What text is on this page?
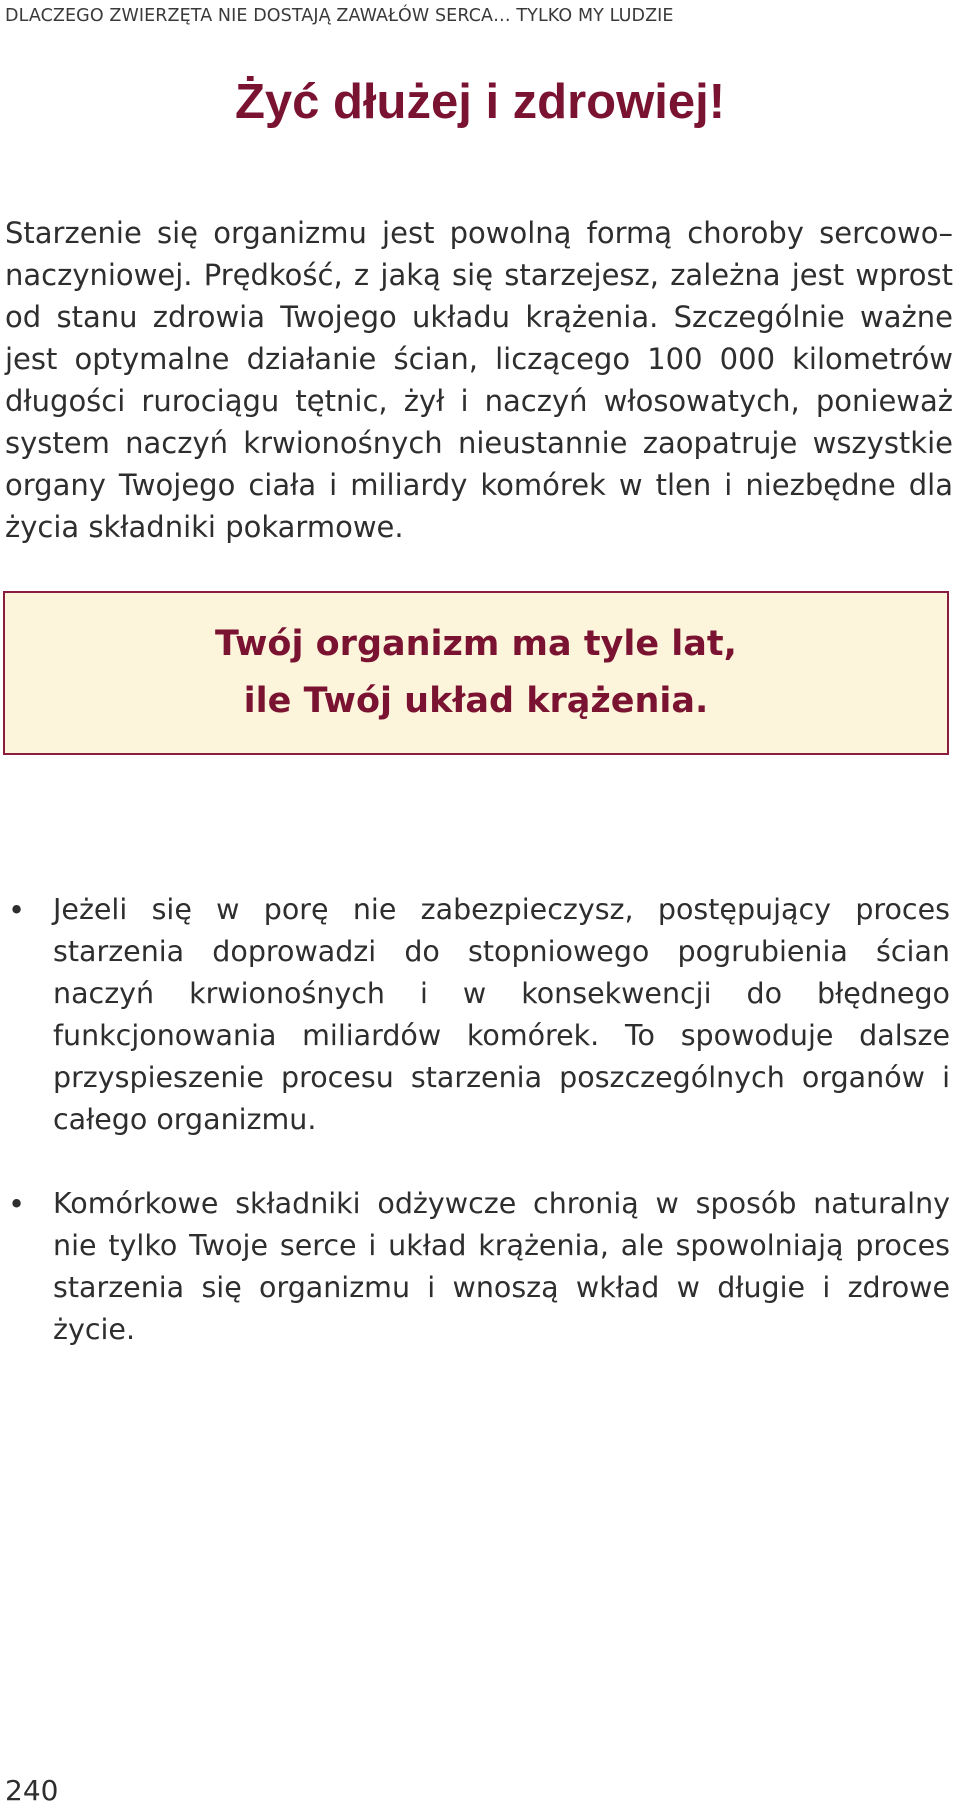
DLACZEGO ZWIERZĘTA NIE DOSTAJĄ ZAWAŁÓW SERCA… TYLKO MY LUDZIE
Żyć dłużej i zdrowiej!

Starzenie się organizmu jest powolną formą choroby sercowo–naczyniowej. Prędkość, z jaką się starzejesz, zależna jest wprost od stanu zdrowia Twojego układu krążenia. Szczególnie ważne jest optymalne działanie ścian, liczącego 100 000 kilometrów długości rurociągu tętnic, żył i naczyń włosowatych, ponieważ system naczyń krwionośnych nieustannie zaopatruje wszystkie organy Twojego ciała i miliardy komórek w tlen i niezbędne dla życia składniki pokarmowe.

Twój organizm ma tyle lat,
ile Twój układ krążenia.
• Jeżeli się w porę nie zabezpieczysz, postępujący proces starzenia doprowadzi do stopniowego pogrubienia ścian naczyń krwionośnych i w konsekwencji do błędnego funkcjonowania miliardów komórek. To spowoduje dalsze przyspieszenie procesu starzenia poszczególnych organów i całego organizmu.
• Komórkowe składniki odżywcze chronią w sposób naturalny nie tylko Twoje serce i układ krążenia, ale spowolniają proces starzenia się organizmu i wnoszą wkład w długie i zdrowe życie.
240
